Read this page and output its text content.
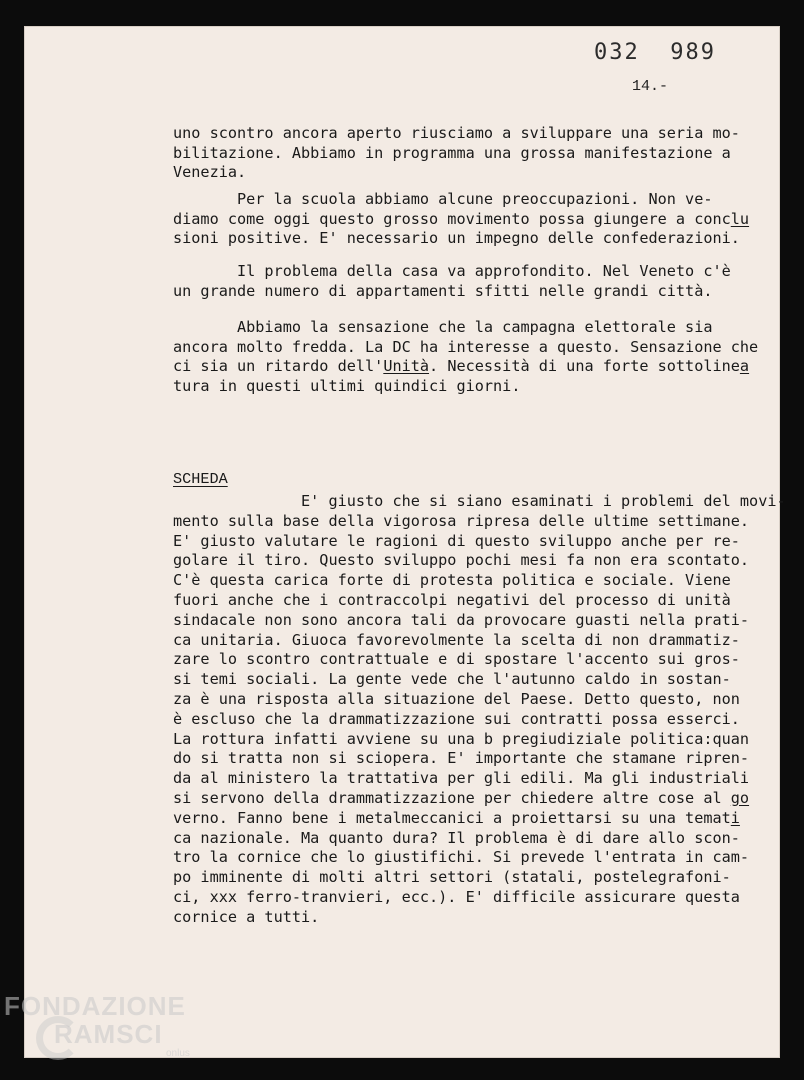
032  989
14.-
uno scontro ancora aperto riusciamo a sviluppare una seria mo-
bilitazione. Abbiamo in programma una grossa manifestazione a
Venezia.
Per la scuola abbiamo alcune preoccupazioni. Non ve-
diamo come oggi questo grosso movimento possa giungere a conclu
sioni positive. E' necessario un impegno delle confederazioni.
Il problema della casa va approfondito. Nel Veneto c'è
un grande numero di appartamenti sfitti nelle grandi città.
Abbiamo la sensazione che la campagna elettorale sia
ancora molto fredda. La DC ha interesse a questo. Sensazione che
ci sia un ritardo dell'Unità. Necessità di una forte sottolinea
tura in questi ultimi quindici giorni.
SCHEDA
E' giusto che si siano esaminati i problemi del movi-
mento sulla base della vigorosa ripresa delle ultime settimane.
E' giusto valutare le ragioni di questo sviluppo anche per re-
golare il tiro. Questo sviluppo pochi mesi fa non era scontato.
C'è questa carica forte di protesta politica e sociale. Viene
fuori anche che i contraccolpi negativi del processo di unità
sindacale non sono ancora tali da provocare guasti nella prati-
ca unitaria. Giuoca favorevolmente la scelta di non drammatiz-
zare lo scontro contrattuale e di spostare l'accento sui gros-
si temi sociali. La gente vede che l'autunno caldo in sostan-
za è una risposta alla situazione del Paese. Detto questo, non
è escluso che la drammatizzazione sui contratti possa esserci.
La rottura infatti avviene su una b pregiudiziale politica:quan
do si tratta non si sciopera. E' importante che stamane ripren-
da al ministero la trattativa per gli edili. Ma gli industriali
si servono della drammatizzazione per chiedere altre cose al go
verno. Fanno bene i metalmeccanici a proiettarsi su una temati
ca nazionale. Ma quanto dura? Il problema è di dare allo scon-
tro la cornice che lo giustifichi. Si prevede l'entrata in cam-
po imminente di molti altri settori (statali, postelegrafoni-
ci, xxx ferro-tranvieri, ecc.). E' difficile assicurare questa
cornice a tutti.
FONDAZIONE
RAMSCI
onlus
